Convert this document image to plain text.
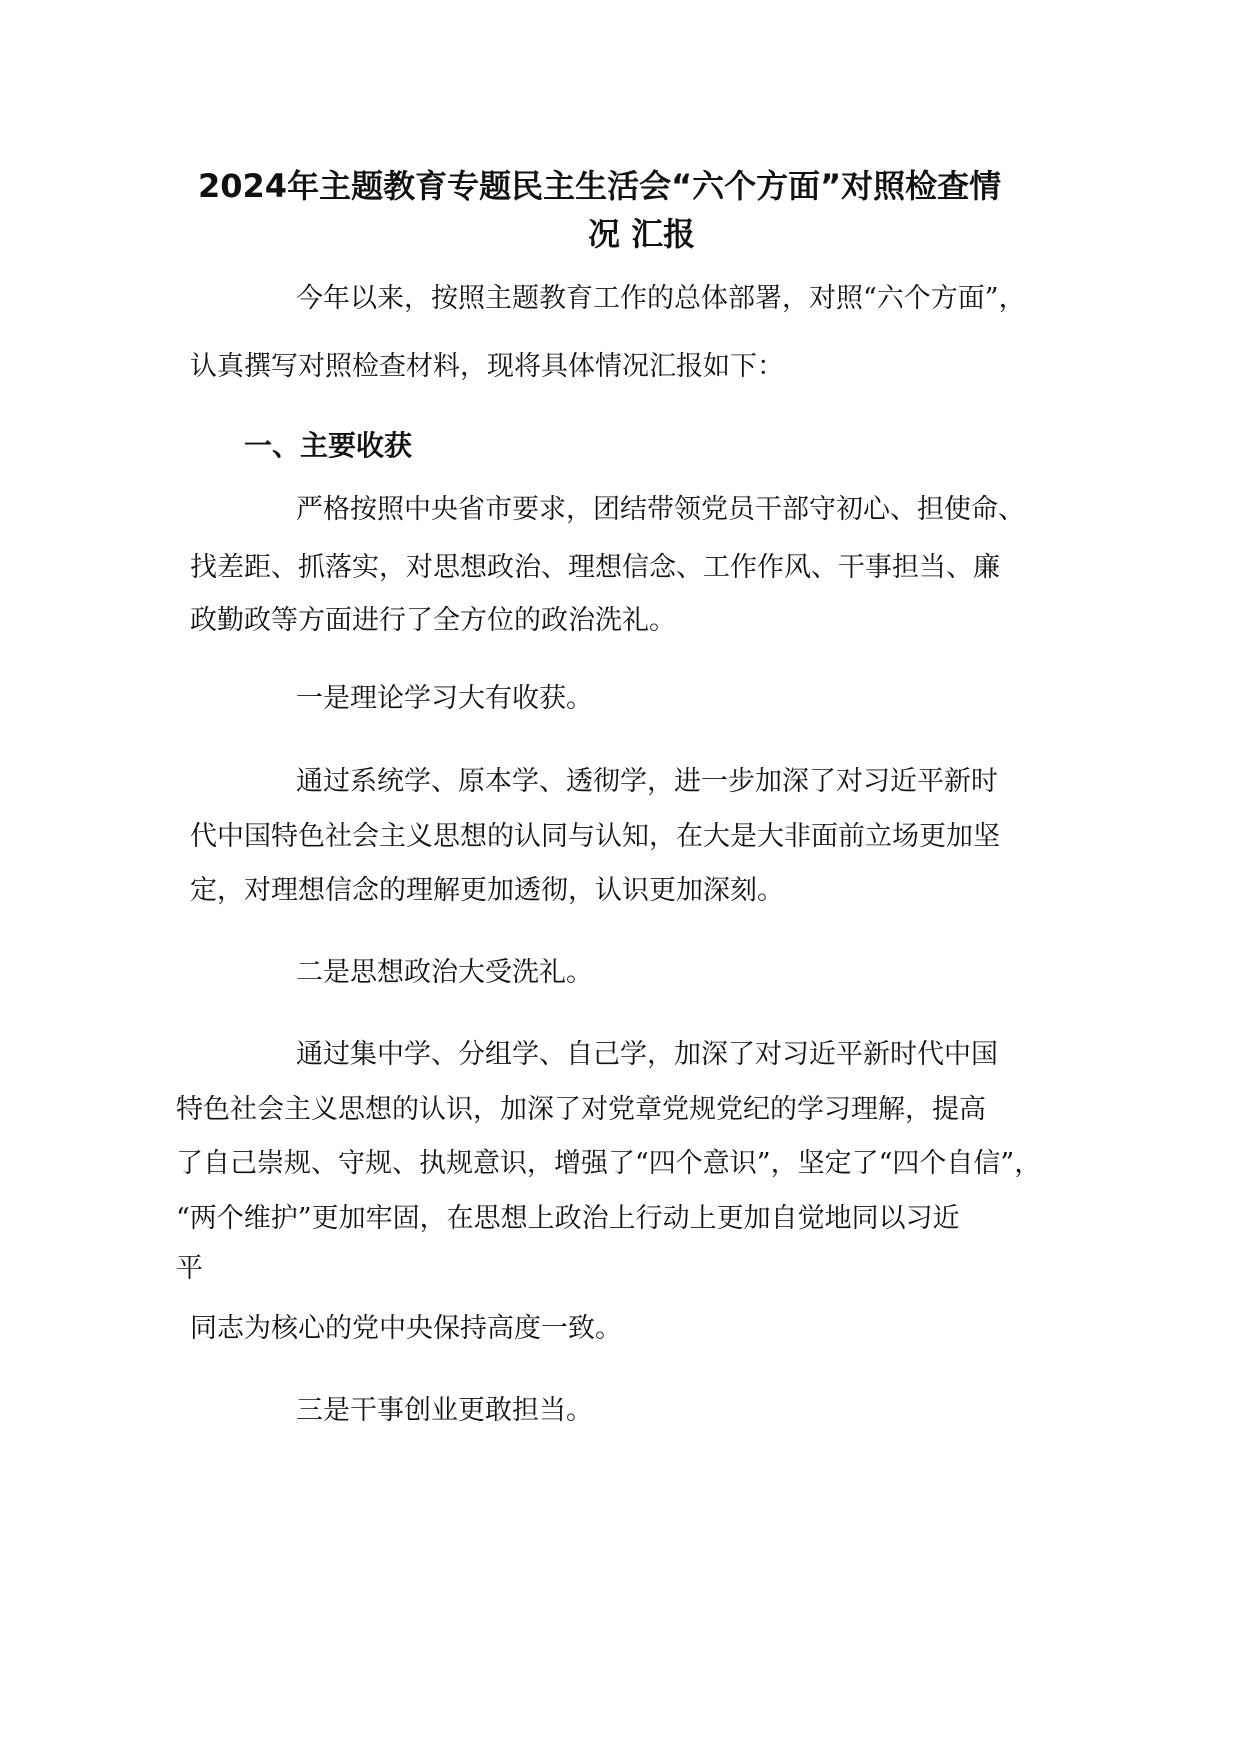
2024年主题教育专题民主生活会“六个方面”对照检查情
况 汇报
今年以来，按照主题教育工作的总体部署，对照“六个方面”，
认真撰写对照检查材料，现将具体情况汇报如下：
一、主要收获
严格按照中央省市要求，团结带领党员干部守初心、担使命、
找差距、抓落实，对思想政治、理想信念、工作作风、干事担当、廉
政勤政等方面进行了全方位的政治洗礼。
一是理论学习大有收获。
通过系统学、原本学、透彻学，进一步加深了对习近平新时
代中国特色社会主义思想的认同与认知，在大是大非面前立场更加坚
定，对理想信念的理解更加透彻，认识更加深刻。
二是思想政治大受洗礼。
通过集中学、分组学、自己学，加深了对习近平新时代中国
特色社会主义思想的认识，加深了对党章党规党纪的学习理解，提高
了自己崇规、守规、执规意识，增强了“四个意识”，坚定了“四个自信”，
“两个维护”更加牢固，在思想上政治上行动上更加自觉地同以习近
平
同志为核心的党中央保持高度一致。
三是干事创业更敢担当。
